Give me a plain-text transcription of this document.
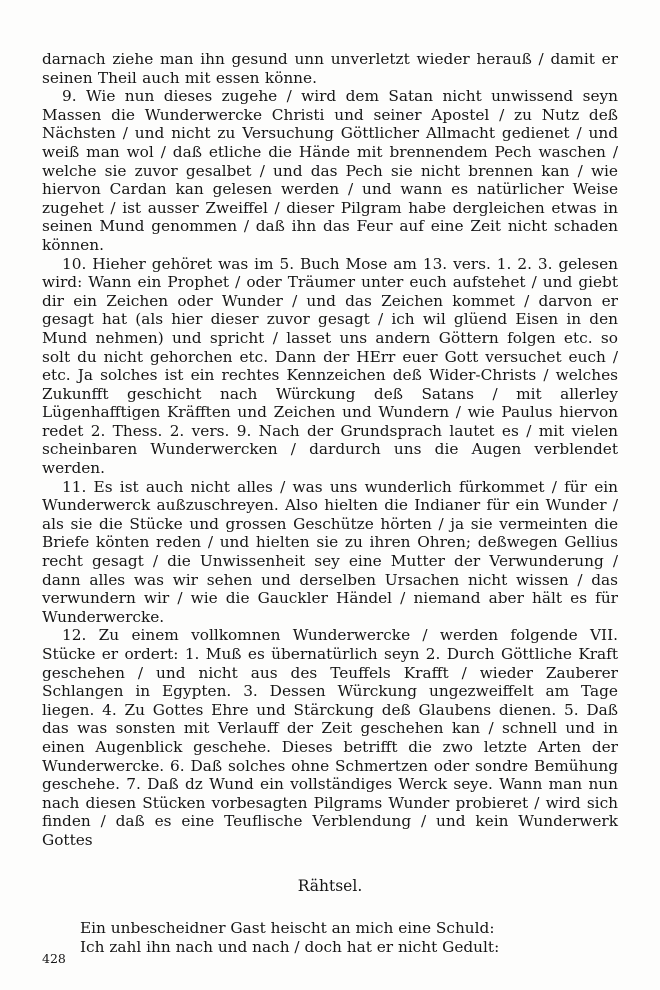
darnach ziehe man ihn gesund unn unverletzt wieder herauß / damit er seinen Theil auch mit essen könne.

9. Wie nun dieses zugehe / wird dem Satan nicht unwissend seyn Massen die Wunderwercke Christi und seiner Apostel / zu Nutz deß Nächsten / und nicht zu Versuchung Göttlicher Allmacht gedienet / und weiß man wol / daß etliche die Hände mit brennendem Pech waschen / welche sie zuvor gesalbet / und das Pech sie nicht brennen kan / wie hiervon Cardan kan gelesen werden / und wann es natürlicher Weise zugehet / ist ausser Zweiffel / dieser Pilgram habe dergleichen etwas in seinen Mund genommen / daß ihn das Feur auf eine Zeit nicht schaden können.

10. Hieher gehöret was im 5. Buch Mose am 13. vers. 1. 2. 3. gelesen wird: Wann ein Prophet / oder Träumer unter euch aufstehet / und giebt dir ein Zeichen oder Wunder / und das Zeichen kommet / darvon er gesagt hat (als hier dieser zuvor gesagt / ich wil glüend Eisen in den Mund nehmen) und spricht / lasset uns andern Göttern folgen etc. so solt du nicht gehorchen etc. Dann der HErr euer Gott versuchet euch / etc. Ja solches ist ein rechtes Kennzeichen deß Wider-Christs / welches Zukunfft geschicht nach Würckung deß Satans / mit allerley Lügenhafftigen Kräfften und Zeichen und Wundern / wie Paulus hiervon redet 2. Thess. 2. vers. 9. Nach der Grundsprach lautet es / mit vielen scheinbaren Wunderwercken / dardurch uns die Augen verblendet werden.

11. Es ist auch nicht alles / was uns wunderlich fürkommet / für ein Wunderwerck außzuschreyen. Also hielten die Indianer für ein Wunder / als sie die Stücke und grossen Geschütze hörten / ja sie vermeinten die Briefe könten reden / und hielten sie zu ihren Ohren; deßwegen Gellius recht gesagt / die Unwissenheit sey eine Mutter der Verwunderung / dann alles was wir sehen und derselben Ursachen nicht wissen / das verwundern wir / wie die Gauckler Händel / niemand aber hält es für Wunderwercke.

12. Zu einem vollkomnen Wunderwercke / werden folgende VII. Stücke er ordert: 1. Muß es übernatürlich seyn 2. Durch Göttliche Kraft geschehen / und nicht aus des Teuffels Krafft / wieder Zauberer Schlangen in Egypten. 3. Dessen Würckung ungezweiffelt am Tage liegen. 4. Zu Gottes Ehre und Stärckung deß Glaubens dienen. 5. Daß das was sonsten mit Verlauff der Zeit geschehen kan / schnell und in einen Augenblick geschehe. Dieses betrifft die zwo letzte Arten der Wunderwercke. 6. Daß solches ohne Schmertzen oder sondre Bemühung geschehe. 7. Daß dz Wund ein vollständiges Werck seye. Wann man nun nach diesen Stücken vorbesagten Pilgrams Wunder probieret / wird sich finden / daß es eine Teuflische Verblendung / und kein Wunderwerk Gottes

Rähtsel.

Ein unbescheidner Gast heischt an mich eine Schuld:

Ich zahl ihn nach und nach / doch hat er nicht Gedult:

428
